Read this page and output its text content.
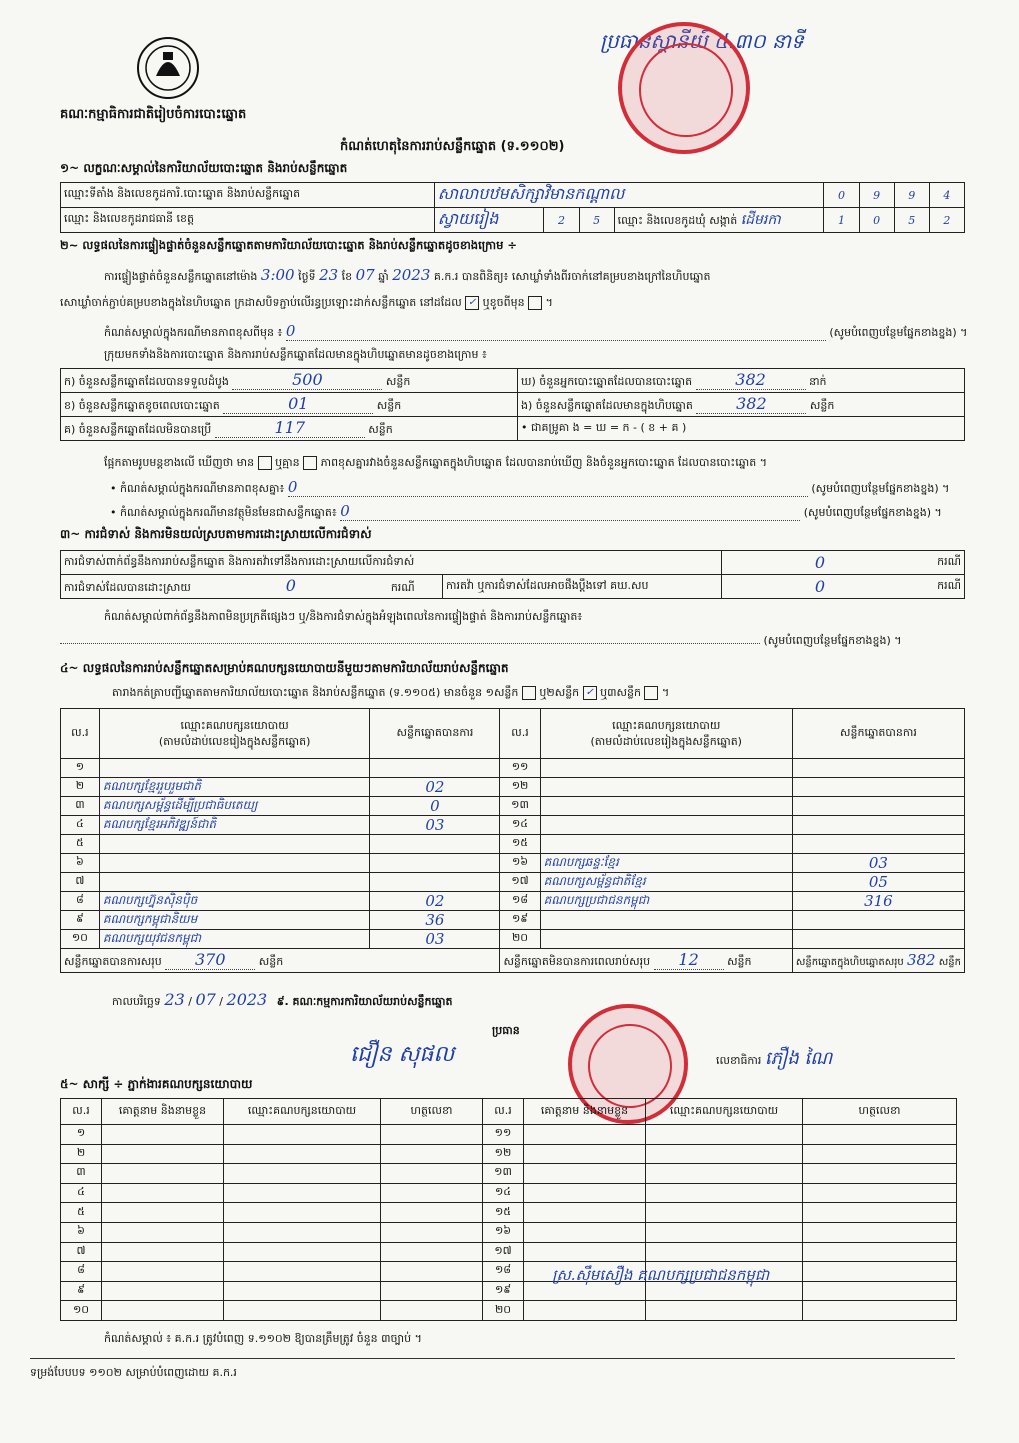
គណៈកម្មាធិការជាតិរៀបចំការបោះឆ្នោត
ប្រធានស្ថានីយ៍ ៥.៣០ នាទី
កំណត់ហេតុនៃការរាប់សន្លឹកឆ្នោត (ទ.១១០២)
១~ លក្ខណៈសម្គាល់នៃការិយាល័យបោះឆ្នោត និងរាប់សន្លឹកឆ្នោត
ឈ្មោះទីតាំង និងលេខកូដការិ.បោះឆ្នោត និងរាប់សន្លឹកឆ្នោត	សាលាបឋមសិក្សាវិមានកណ្តាល				0	9	9	4
ឈ្មោះ និងលេខកូដរាជធានី ខេត្ត	ស្វាយរៀង	2	5	ឈ្មោះ និងលេខកូដឃុំ សង្កាត់ ដើមរកា	1	0	5	2
២~ លទ្ធផលនៃការផ្ទៀងផ្ទាត់ចំនួនសន្លឹកឆ្នោតតាមការិយាល័យបោះឆ្នោត និងរាប់សន្លឹកឆ្នោតដូចខាងក្រោម ÷
ការផ្ទៀងផ្ទាត់ចំនួនសន្លឹកឆ្នោតនៅម៉ោង 3:00 ថ្ងៃទី 23 ខែ 07 ឆ្នាំ 2023 គ.ក.រ បានពិនិត្យ៖ សោឃ្លាំទាំងពីរចាក់នៅគម្របខាងក្រៅនៃហិបឆ្នោត
សោឃ្លាំចាក់ភ្ជាប់គម្របខាងក្នុងនៃហិបឆ្នោត ក្រដាសបិទភ្ជាប់លើរន្ធប្រឡោះដាក់សន្លឹកឆ្នោត នៅដដែល ✓ ឬខូចពីមុន  ។
កំណត់សម្គាល់ក្នុងករណីមានភាពខុសពីមុន ៖ 0	(សូមបំពេញបន្ថែមផ្នែកខាងខ្នង) ។
ក្រុយមកទាំងនិងការបោះឆ្នោត និងការរាប់សន្លឹកឆ្នោតដែលមានក្នុងហិបឆ្នោតមានដូចខាងក្រោម ៖
ក) ចំនួនសន្លឹកឆ្នោតដែលបានទទួលដំបូង 500 សន្លឹក	ឃ) ចំនួនអ្នកបោះឆ្នោតដែលបានបោះឆ្នោត 382 នាក់
ខ) ចំនួនសន្លឹកឆ្នោតខូចពេលបោះឆ្នោត 01 សន្លឹក	ង) ចំនួនសន្លឹកឆ្នោតដែលមានក្នុងហិបឆ្នោត 382 សន្លឹក
គ) ចំនួនសន្លឹកឆ្នោតដែលមិនបានប្រើ 117 សន្លឹក	• ជាគម្រូគា ង = ឃ = ក - ( ខ + គ )
ផ្អែកតាមរូបមន្តខាងលើ ឃើញថា មាន ឬគ្មាន ភាពខុសគ្នារវាងចំនួនសន្លឹកឆ្នោតក្នុងហិបឆ្នោត ដែលបានរាប់ឃើញ និងចំនួនអ្នកបោះឆ្នោត ដែលបានបោះឆ្នោត ។
• កំណត់សម្គាល់ក្នុងករណីមានភាពខុសគ្នា៖ 0	(សូមបំពេញបន្ថែមផ្នែកខាងខ្នង) ។
• កំណត់សម្គាល់ក្នុងករណីមានវត្ថុមិនមែនជាសន្លឹកឆ្នោត៖ 0	(សូមបំពេញបន្ថែមផ្នែកខាងខ្នង) ។
៣~ ការជំទាស់ និងការមិនយល់ស្របតាមការដោះស្រាយលើការជំទាស់
ការជំទាស់ពាក់ព័ន្ធនឹងការរាប់សន្លឹកឆ្នោត និងការតវ៉ាទៅនឹងការដោះស្រាយលើការជំទាស់		0	ករណី
ការជំទាស់ដែលបានដោះស្រាយ 0 ករណី	ការតវ៉ា ឬការជំទាស់ដែលអាចផឹងប្តឹងទៅ គឃ.សប	0	ករណី
កំណត់សម្គាល់ពាក់ព័ន្ធនឹងភាពមិនប្រក្រតីផ្សេងៗ ឬ/និងការជំទាស់ក្នុងអំឡុងពេលនៃការផ្ទៀងផ្ទាត់ និងការរាប់សន្លឹកឆ្នោត៖
(សូមបំពេញបន្ថែមផ្នែកខាងខ្នង) ។
៤~ លទ្ធផលនៃការរាប់សន្លឹកឆ្នោតសម្រាប់គណបក្សនយោបាយនីមួយៗតាមការិយាល័យរាប់សន្លឹកឆ្នោត
តារាងកត់ត្រាបញ្ជីឆ្នោតតាមការិយាល័យបោះឆ្នោត និងរាប់សន្លឹកឆ្នោត (ទ.១១០៥) មានចំនួន ១សន្លឹក ឬ២សន្លឹក ✓ ឬ៣សន្លឹក  ។
ល.រ	ឈ្មោះគណបក្សនយោបាយ
(តាមលំដាប់លេខរៀងក្នុងសន្លឹកឆ្នោត)	សន្លឹកឆ្នោតបានការ	ល.រ	ឈ្មោះគណបក្សនយោបាយ
(តាមលំដាប់លេខរៀងក្នុងសន្លឹកឆ្នោត)	សន្លឹកឆ្នោតបានការ
១			១១		
២	គណបក្សខ្មែររួបរួមជាតិ	02	១២		
៣	គណបក្សសម្ព័ន្ធដើម្បីប្រជាធិបតេយ្យ	0	១៣		
៤	គណបក្សខ្មែរអភិវឌ្ឍន៍ជាតិ	03	១៤		
៥			១៥		
៦			១៦	គណបក្សឆន្ទៈខ្មែរ	03
៧			១៧	គណបក្សសម្ព័ន្ធជាតិខ្មែរ	05
៨	គណបក្សហ្វ៊ុនស៊ិនប៉ិច	02	១៨	គណបក្សប្រជាជនកម្ពុជា	316
៩	គណបក្សកម្ពុជានិយម	36	១៩		
១០	គណបក្សយុវជនកម្ពុជា	03	២០		
សន្លឹកឆ្នោតបានការសរុប 370 សន្លឹក			សន្លឹកឆ្នោតមិនបានការពេលរាប់សរុប 12 សន្លឹក		សន្លឹកឆ្នោតក្នុងហិបឆ្នោតសរុប 382 សន្លឹក
កាលបរិច្ឆេទ 23 / 07 / 2023 ៩. គណៈកម្មការការិយាល័យរាប់សន្លឹកឆ្នោត
ប្រធាន
ជឿន សុផល	លេខាធិការ ភឿង ណៃ
៥~ សាក្សី ÷ ភ្នាក់ងារគណបក្សនយោបាយ
ល.រ	គោត្តនាម និងនាមខ្លួន	ឈ្មោះគណបក្សនយោបាយ	ហត្ថលេខា	ល.រ	គោត្តនាម និងនាមខ្លួន	ឈ្មោះគណបក្សនយោបាយ	ហត្ថលេខា
១				១១			
២				១២			
៣				១៣			
៤				១៤			
៥				១៥			
៦				១៦			
៧				១៧			
៨				១៨			
៩				១៩			
១០				២០			
ស្រ.ស៊ឹមសឿង គណបក្សប្រជាជនកម្ពុជា
កំណត់សម្គាល់ ៖ គ.ក.រ ត្រូវបំពេញ ទ.១១០២ ឱ្យបានត្រឹមត្រូវ ចំនួន ៣ច្បាប់ ។
ទម្រង់បែបបទ ១១០២ សម្រាប់បំពេញដោយ គ.ក.រ
